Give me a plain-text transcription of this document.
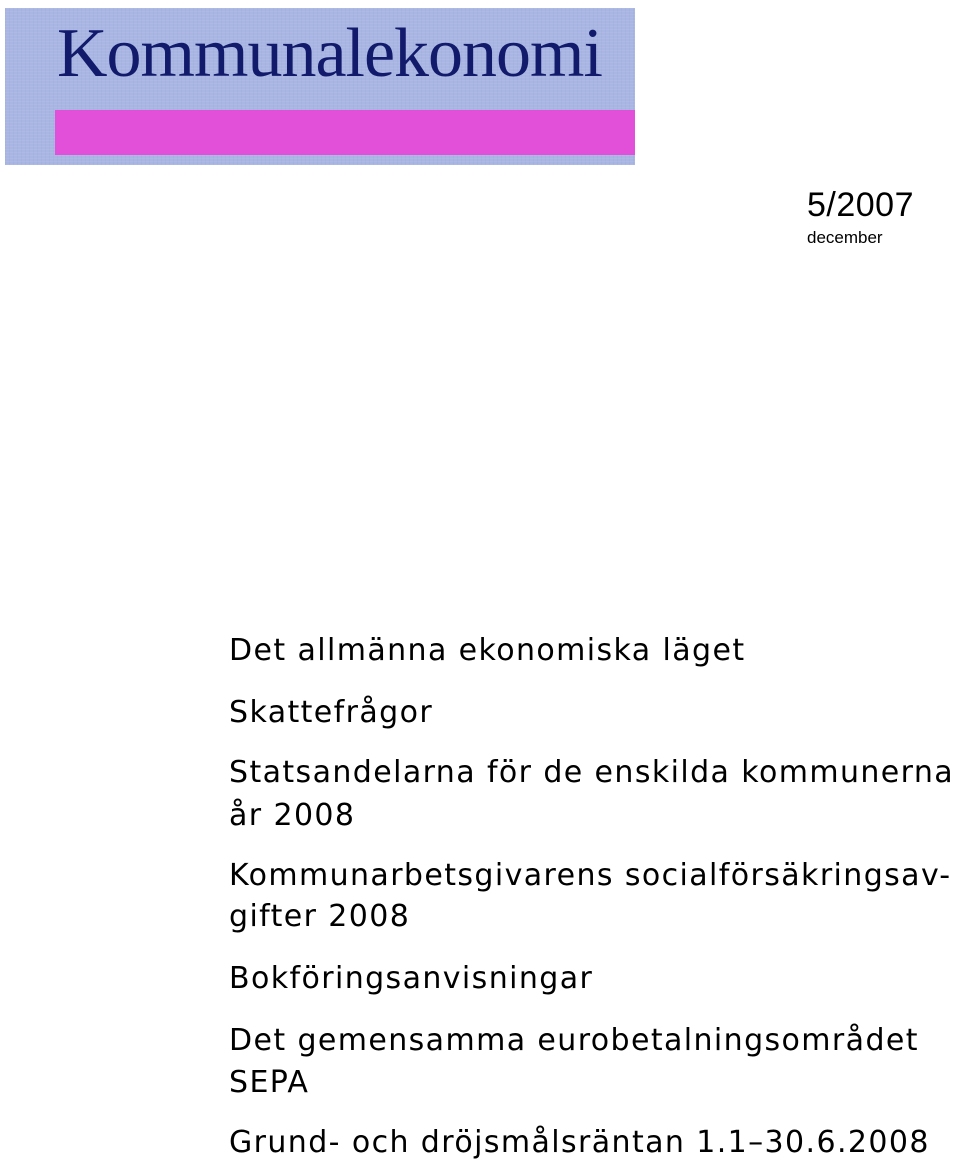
Kommunalekonomi
5/2007
december
Det allmänna ekonomiska läget
Skattefrågor
Statsandelarna för de enskilda kommunerna
år 2008
Kommunarbetsgivarens socialförsäkringsav-
gifter 2008
Bokföringsanvisningar
Det gemensamma eurobetalningsområdet
SEPA
Grund- och dröjsmålsräntan 1.1–30.6.2008
